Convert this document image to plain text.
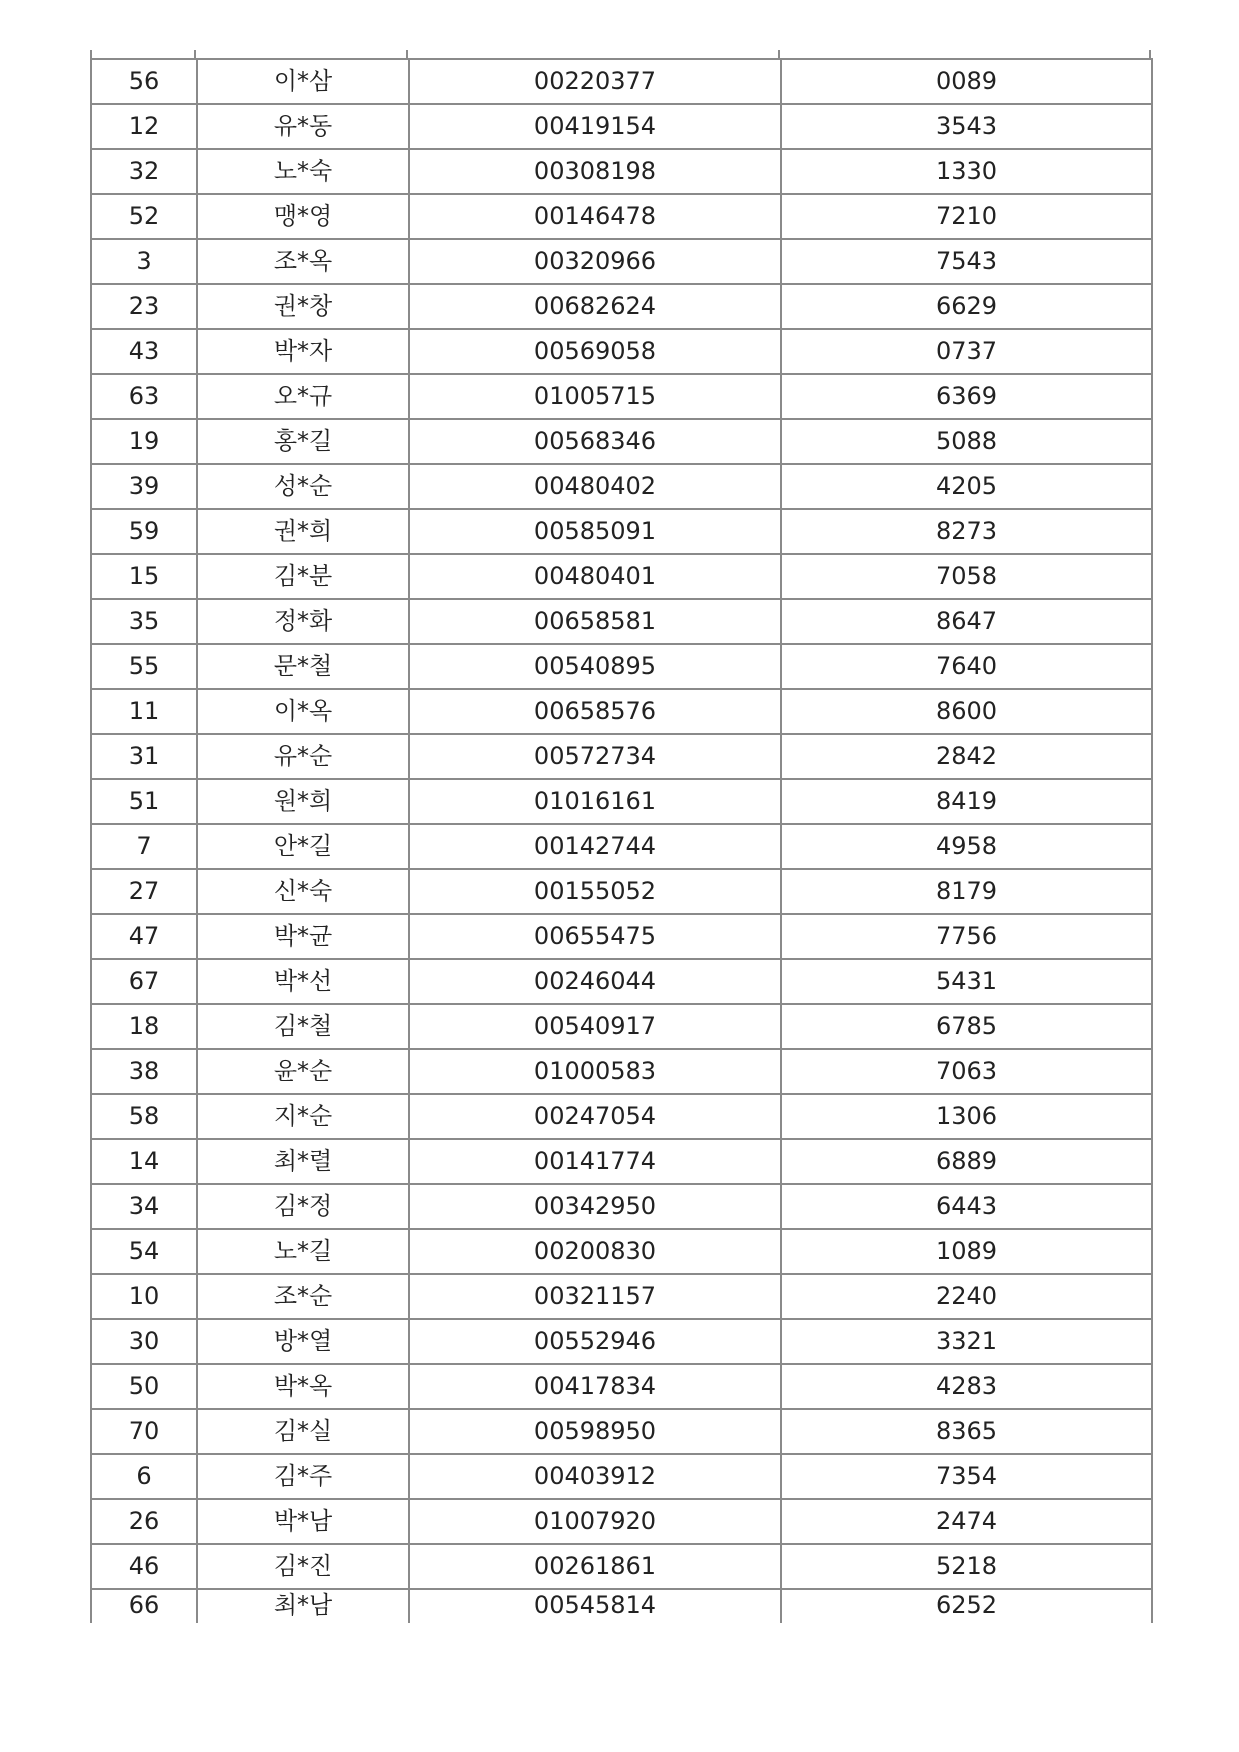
56	이*삼	00220377	0089
12	유*동	00419154	3543
32	노*숙	00308198	1330
52	맹*영	00146478	7210
3	조*옥	00320966	7543
23	권*창	00682624	6629
43	박*자	00569058	0737
63	오*규	01005715	6369
19	홍*길	00568346	5088
39	성*순	00480402	4205
59	권*희	00585091	8273
15	김*분	00480401	7058
35	정*화	00658581	8647
55	문*철	00540895	7640
11	이*옥	00658576	8600
31	유*순	00572734	2842
51	원*희	01016161	8419
7	안*길	00142744	4958
27	신*숙	00155052	8179
47	박*균	00655475	7756
67	박*선	00246044	5431
18	김*철	00540917	6785
38	윤*순	01000583	7063
58	지*순	00247054	1306
14	최*렬	00141774	6889
34	김*정	00342950	6443
54	노*길	00200830	1089
10	조*순	00321157	2240
30	방*열	00552946	3321
50	박*옥	00417834	4283
70	김*실	00598950	8365
6	김*주	00403912	7354
26	박*남	01007920	2474
46	김*진	00261861	5218
66	최*남	00545814	6252
